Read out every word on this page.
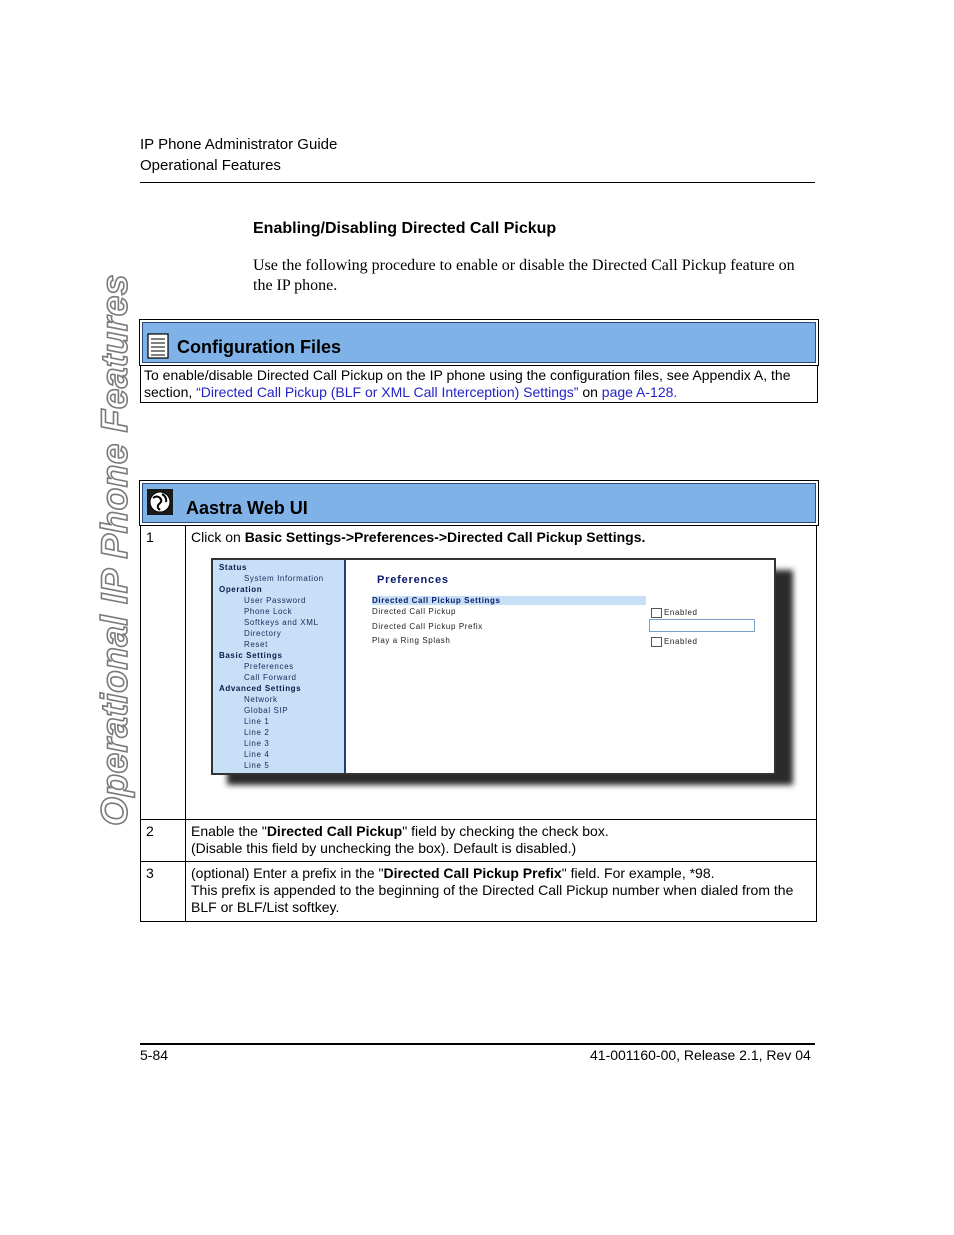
IP Phone Administrator Guide
Operational Features
Operational IP Phone Features
Enabling/Disabling Directed Call Pickup
Use the following procedure to enable or disable the Directed Call Pickup feature on the IP phone.
Configuration Files
To enable/disable Directed Call Pickup on the IP phone using the configuration files, see Appendix A, the section, “Directed Call Pickup (BLF or XML Call Interception) Settings” on page A-128.
Aastra Web UI
1	Click on Basic Settings->Preferences->Directed Call Pickup Settings.
2	Enable the "Directed Call Pickup" field by checking the check box.
(Disable this field by unchecking the box). Default is disabled.)
3	(optional) Enter a prefix in the "Directed Call Pickup Prefix" field. For example, *98.
This prefix is appended to the beginning of the Directed Call Pickup number when dialed from the BLF or BLF/List softkey.
Status
System Information
Operation
User Password
Phone Lock
Softkeys and XML
Directory
Reset
Basic Settings
Preferences
Call Forward
Advanced Settings
Network
Global SIP
Line 1
Line 2
Line 3
Line 4
Line 5
Preferences
Directed Call Pickup Settings
Directed Call Pickup	Enabled
Directed Call Pickup Prefix
Play a Ring Splash	Enabled
5-84	41-001160-00, Release 2.1, Rev 04
